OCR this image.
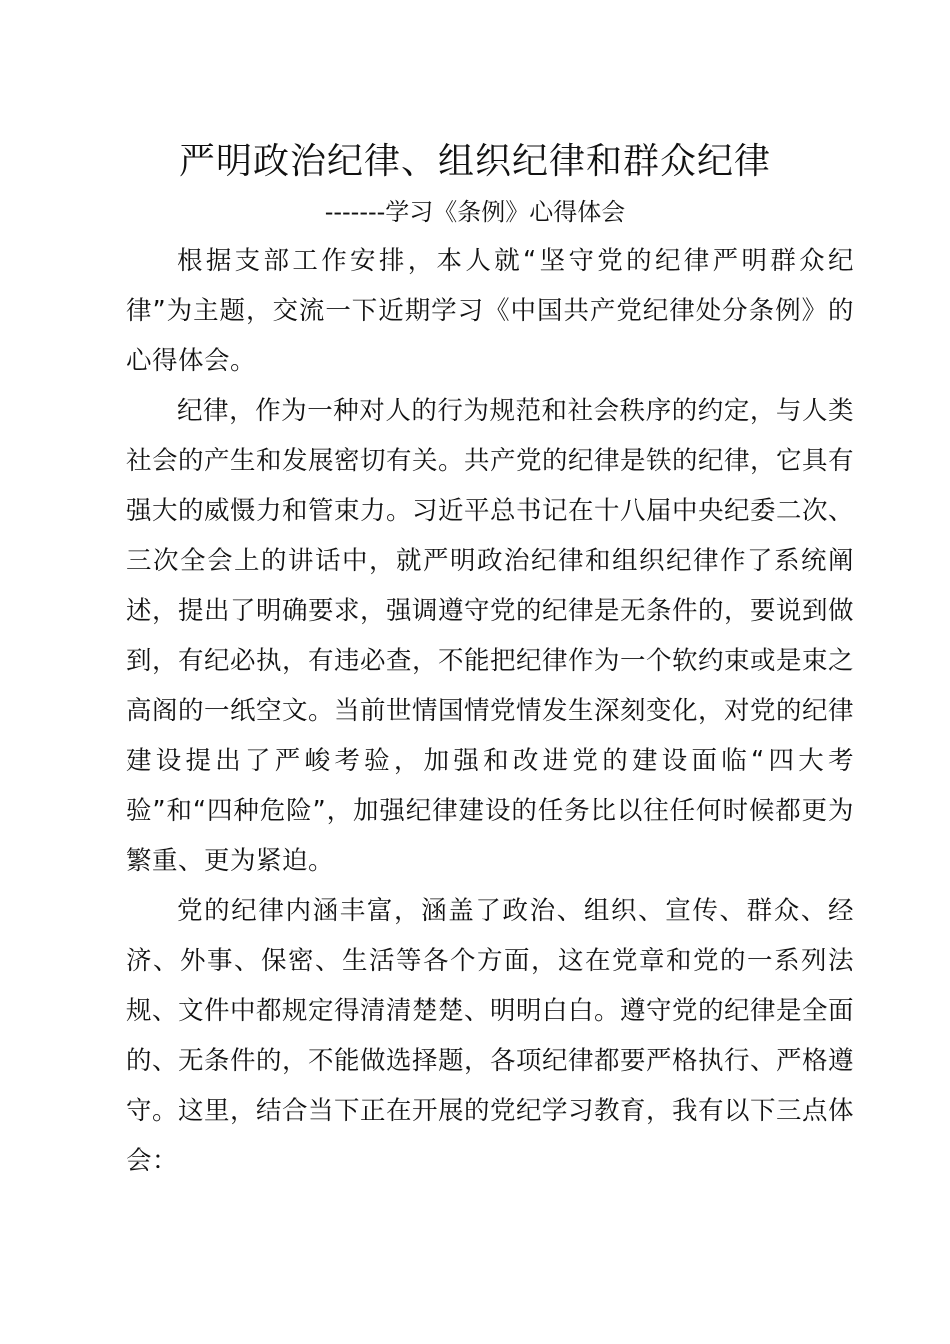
严明政治纪律、组织纪律和群众纪律

-------学习《条例》心得体会

根据支部工作安排，本人就“坚守党的纪律严明群众纪律”为主题，交流一下近期学习《中国共产党纪律处分条例》的心得体会。

纪律，作为一种对人的行为规范和社会秩序的约定，与人类社会的产生和发展密切有关。共产党的纪律是铁的纪律，它具有强大的威慑力和管束力。习近平总书记在十八届中央纪委二次、三次全会上的讲话中，就严明政治纪律和组织纪律作了系统阐述，提出了明确要求，强调遵守党的纪律是无条件的，要说到做到，有纪必执，有违必查，不能把纪律作为一个软约束或是束之高阁的一纸空文。当前世情国情党情发生深刻变化，对党的纪律建设提出了严峻考验，加强和改进党的建设面临“四大考验”和“四种危险”，加强纪律建设的任务比以往任何时候都更为繁重、更为紧迫。

党的纪律内涵丰富，涵盖了政治、组织、宣传、群众、经济、外事、保密、生活等各个方面，这在党章和党的一系列法规、文件中都规定得清清楚楚、明明白白。遵守党的纪律是全面的、无条件的，不能做选择题，各项纪律都要严格执行、严格遵守。这里，结合当下正在开展的党纪学习教育，我有以下三点体会：
